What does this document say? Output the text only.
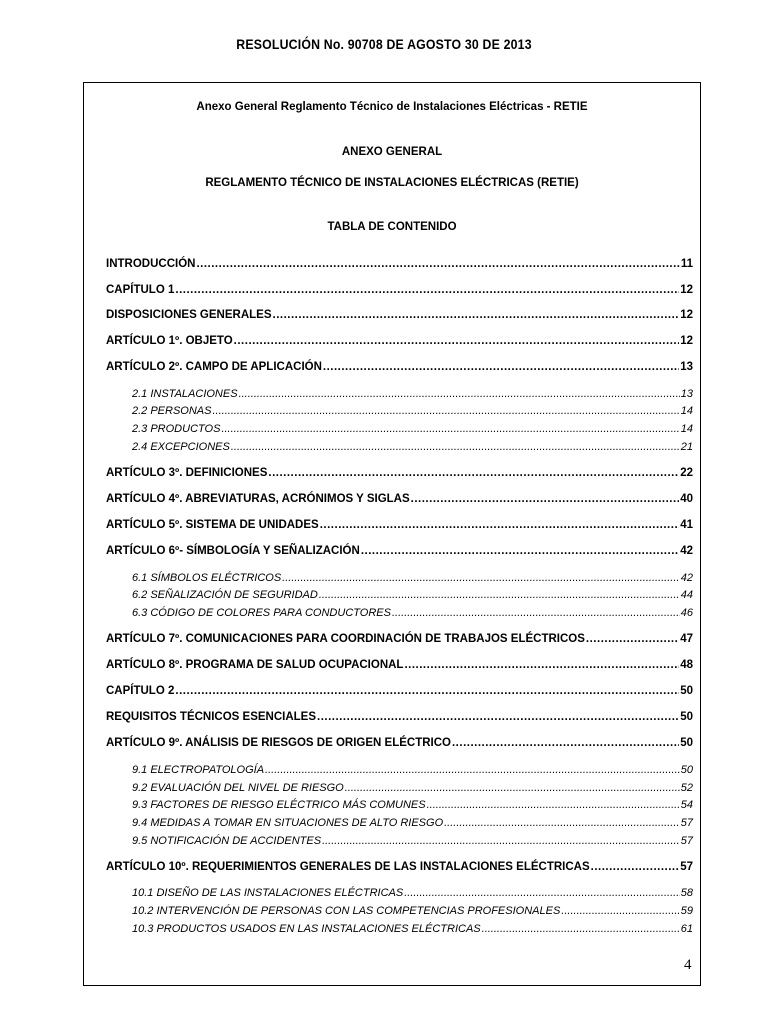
RESOLUCIÓN No. 90708 DE AGOSTO 30 DE 2013
Anexo General Reglamento Técnico de Instalaciones Eléctricas - RETIE
ANEXO GENERAL
REGLAMENTO TÉCNICO DE INSTALACIONES ELÉCTRICAS (RETIE)
TABLA DE CONTENIDO
INTRODUCCIÓN .....	11
CAPÍTULO 1 .....	12
DISPOSICIONES GENERALES .....	12
ARTÍCULO 1º. OBJETO .....	12
ARTÍCULO 2º. CAMPO DE APLICACIÓN .....	13
2.1 INSTALACIONES .....	13
2.2 PERSONAS .....	14
2.3 PRODUCTOS .....	14
2.4 EXCEPCIONES .....	21
ARTÍCULO 3º. DEFINICIONES .....	22
ARTÍCULO 4º. ABREVIATURAS, ACRÓNIMOS Y SIGLAS .....	40
ARTÍCULO 5º. SISTEMA DE UNIDADES .....	41
ARTÍCULO 6º- SÍMBOLOGÍA Y SEÑALIZACIÓN .....	42
6.1 SÍMBOLOS ELÉCTRICOS .....	42
6.2 SEÑALIZACIÓN DE SEGURIDAD .....	44
6.3 CÓDIGO DE COLORES PARA CONDUCTORES .....	46
ARTÍCULO 7º. COMUNICACIONES PARA COORDINACIÓN DE TRABAJOS ELÉCTRICOS .....	47
ARTÍCULO 8º. PROGRAMA DE SALUD OCUPACIONAL .....	48
CAPÍTULO 2 .....	50
REQUISITOS TÉCNICOS ESENCIALES .....	50
ARTÍCULO 9º. ANÁLISIS DE RIESGOS DE ORIGEN ELÉCTRICO .....	50
9.1 ELECTROPATOLOGÍA .....	50
9.2 EVALUACIÓN DEL NIVEL DE RIESGO .....	52
9.3 FACTORES DE RIESGO ELÉCTRICO MÁS COMUNES .....	54
9.4 MEDIDAS A TOMAR EN SITUACIONES DE ALTO RIESGO .....	57
9.5 NOTIFICACIÓN DE ACCIDENTES .....	57
ARTÍCULO 10º. REQUERIMIENTOS GENERALES DE LAS INSTALACIONES ELÉCTRICAS .....	57
10.1 DISEÑO DE LAS INSTALACIONES ELÉCTRICAS .....	58
10.2 INTERVENCIÓN DE PERSONAS CON LAS COMPETENCIAS PROFESIONALES .....	59
10.3 PRODUCTOS USADOS EN LAS INSTALACIONES ELÉCTRICAS .....	61
4
